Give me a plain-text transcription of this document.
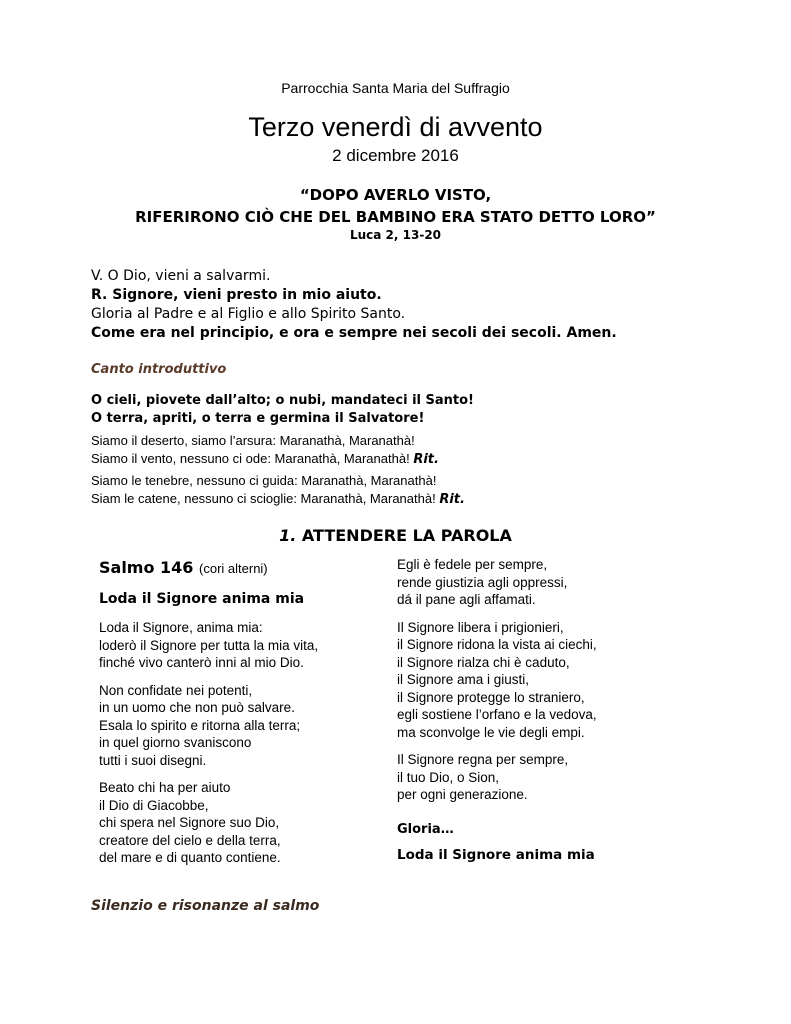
Parrocchia Santa Maria del Suffragio
Terzo venerdì di avvento
2 dicembre 2016
“DOPO AVERLO VISTO,
RIFERIRONO CIÒ CHE DEL BAMBINO ERA STATO DETTO LORO”
Luca 2, 13-20
V. O Dio, vieni a salvarmi.
R. Signore, vieni presto in mio aiuto.
Gloria al Padre e al Figlio e allo Spirito Santo.
Come era nel principio, e ora e sempre nei secoli dei secoli. Amen.
Canto introduttivo
O cieli, piovete dall’alto; o nubi, mandateci il Santo!
O terra, apriti, o terra e germina il Salvatore!
Siamo il deserto, siamo l’arsura: Maranathà, Maranathà!
Siamo il vento, nessuno ci ode: Maranathà, Maranathà! Rit.
Siamo le tenebre, nessuno ci guida: Maranathà, Maranathà!
Siam le catene, nessuno ci scioglie: Maranathà, Maranathà! Rit.
1. ATTENDERE LA PAROLA
Salmo 146 (cori alterni)
Loda il Signore anima mia
Loda il Signore, anima mia:
loderò il Signore per tutta la mia vita,
finché vivo canterò inni al mio Dio.
Non confidate nei potenti,
in un uomo che non può salvare.
Esala lo spirito e ritorna alla terra;
in quel giorno svaniscono
tutti i suoi disegni.
Beato chi ha per aiuto
il Dio di Giacobbe,
chi spera nel Signore suo Dio,
creatore del cielo e della terra,
del mare e di quanto contiene.
Egli è fedele per sempre,
rende giustizia agli oppressi,
dá il pane agli affamati.
Il Signore libera i prigionieri,
il Signore ridona la vista ai ciechi,
il Signore rialza chi è caduto,
il Signore ama i giusti,
il Signore protegge lo straniero,
egli sostiene l’orfano e la vedova,
ma sconvolge le vie degli empi.
Il Signore regna per sempre,
il tuo Dio, o Sion,
per ogni generazione.
Gloria…
Loda il Signore anima mia
Silenzio e risonanze al salmo
